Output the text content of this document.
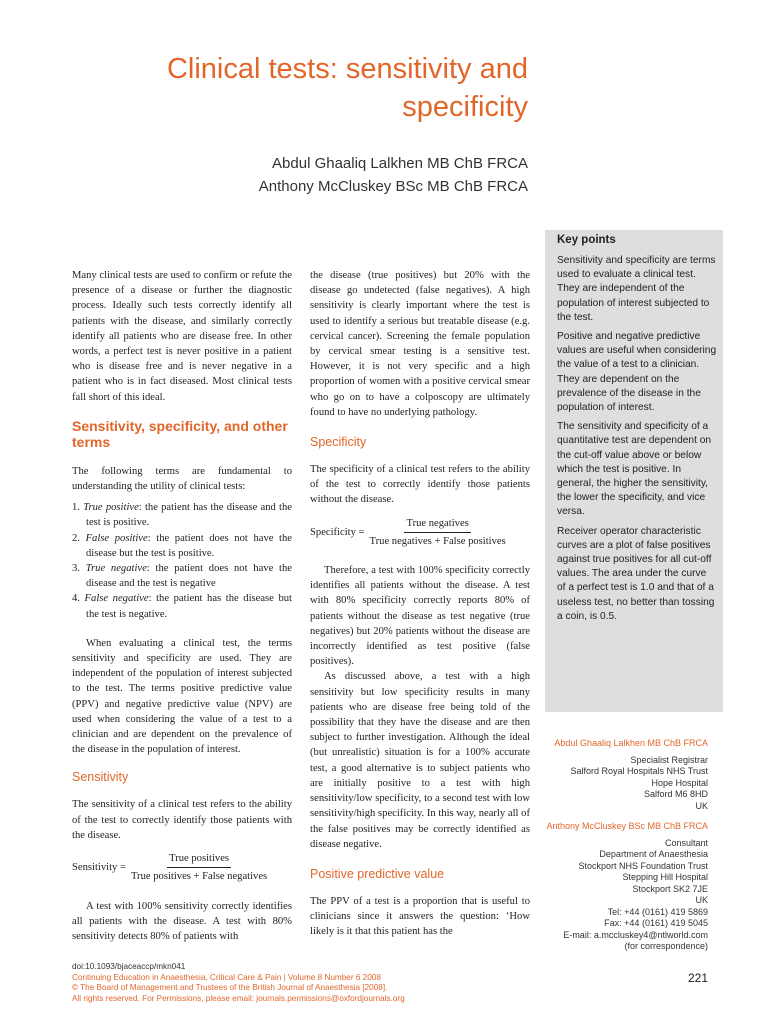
Clinical tests: sensitivity and specificity
Abdul Ghaaliq Lalkhen MB ChB FRCA
Anthony McCluskey BSc MB ChB FRCA

Many clinical tests are used to confirm or refute the presence of a disease or further the diagnostic process. Ideally such tests correctly identify all patients with the disease, and similarly correctly identify all patients who are disease free. In other words, a perfect test is never positive in a patient who is disease free and is never negative in a patient who is in fact diseased. Most clinical tests fall short of this ideal.

Sensitivity, specificity, and other terms

The following terms are fundamental to understanding the utility of clinical tests:

1. True positive: the patient has the disease and the test is positive.
2. False positive: the patient does not have the disease but the test is positive.
3. True negative: the patient does not have the disease and the test is negative
4. False negative: the patient has the disease but the test is negative.

When evaluating a clinical test, the terms sensitivity and specificity are used. They are independent of the population of interest subjected to the test. The terms positive predictive value (PPV) and negative predictive value (NPV) are used when considering the value of a test to a clinician and are dependent on the prevalence of the disease in the population of interest.

Sensitivity

The sensitivity of a clinical test refers to the ability of the test to correctly identify those patients with the disease.

Sensitivity = $\frac{\text{True positives}}{\text{True positives + False negatives}}$

A test with 100% sensitivity correctly identifies all patients with the disease. A test with 80% sensitivity detects 80% of patients with

the disease (true positives) but 20% with the disease go undetected (false negatives). A high sensitivity is clearly important where the test is used to identify a serious but treatable disease (e.g. cervical cancer). Screening the female population by cervical smear testing is a sensitive test. However, it is not very specific and a high proportion of women with a positive cervical smear who go on to have a colposcopy are ultimately found to have no underlying pathology.

Specificity

The specificity of a clinical test refers to the ability of the test to correctly identify those patients without the disease.

Specificity = $\frac{\text{True negatives}}{\text{True negatives + False positives}}$

Therefore, a test with 100% specificity correctly identifies all patients without the disease. A test with 80% specificity correctly reports 80% of patients without the disease as test negative (true negatives) but 20% patients without the disease are incorrectly identified as test positive (false positives).

As discussed above, a test with a high sensitivity but low specificity results in many patients who are disease free being told of the possibility that they have the disease and are then subject to further investigation. Although the ideal (but unrealistic) situation is for a 100% accurate test, a good alternative is to subject patients who are initially positive to a test with high sensitivity/low specificity, to a second test with low sensitivity/high specificity. In this way, nearly all of the false positives may be correctly identified as disease negative.

Positive predictive value

The PPV of a test is a proportion that is useful to clinicians since it answers the question: ‘How likely is it that this patient has the

Key points
Sensitivity and specificity are terms used to evaluate a clinical test. They are independent of the population of interest subjected to the test.
Positive and negative predictive values are useful when considering the value of a test to a clinician. They are dependent on the prevalence of the disease in the population of interest.
The sensitivity and specificity of a quantitative test are dependent on the cut-off value above or below which the test is positive. In general, the higher the sensitivity, the lower the specificity, and vice versa.
Receiver operator characteristic curves are a plot of false positives against true positives for all cut-off values. The area under the curve of a perfect test is 1.0 and that of a useless test, no better than tossing a coin, is 0.5.
Abdul Ghaaliq Lalkhen MB ChB FRCA
Specialist Registrar
Salford Royal Hospitals NHS Trust
Hope Hospital
Salford M6 8HD
UK
Anthony McCluskey BSc MB ChB FRCA
Consultant
Department of Anaesthesia
Stockport NHS Foundation Trust
Stepping Hill Hospital
Stockport SK2 7JE
UK
Tel: +44 (0161) 419 5869
Fax: +44 (0161) 419 5045
E-mail: a.mccluskey4@ntlworld.com
(for correspondence)
doi:10.1093/bjaceaccp/mkn041
Continuing Education in Anaesthesia, Critical Care & Pain | Volume 8 Number 6 2008
© The Board of Management and Trustees of the British Journal of Anaesthesia [2008].
All rights reserved. For Permissions, please email: journals.permissions@oxfordjournals.org
221
